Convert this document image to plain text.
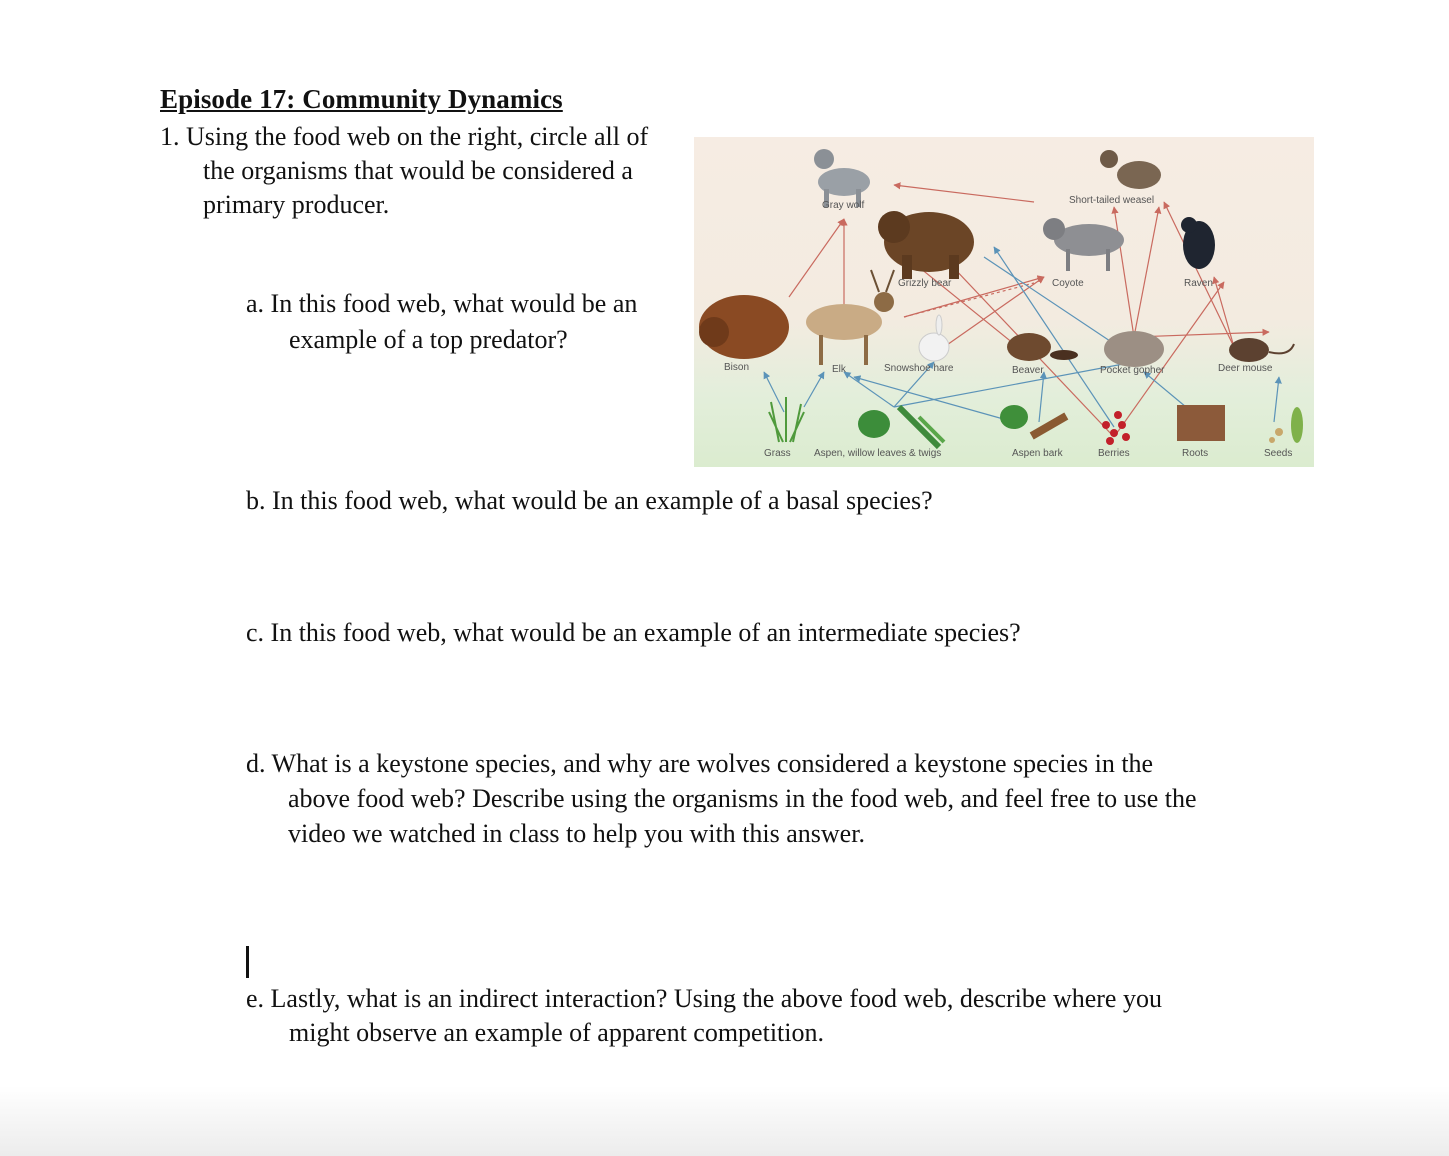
Episode 17: Community Dynamics
1. Using the food web on the right, circle all of
the organisms that would be considered a
primary producer.
a. In this food web, what would be an
example of a top predator?
Gray wolf	Short-tailed weasel
Grizzly bear	Coyote	Raven
Bison	Elk	Snowshoe hare	Beaver	Pocket gopher	Deer mouse
Grass Aspen, willow leaves & twigs	Aspen bark	Berries	Roots	Seeds
b. In this food web, what would be an example of a basal species?
c. In this food web, what would be an example of an intermediate species?
d. What is a keystone species, and why are wolves considered a keystone species in the
above food web? Describe using the organisms in the food web, and feel free to use the
video we watched in class to help you with this answer.
e. Lastly, what is an indirect interaction? Using the above food web, describe where you
might observe an example of apparent competition.
